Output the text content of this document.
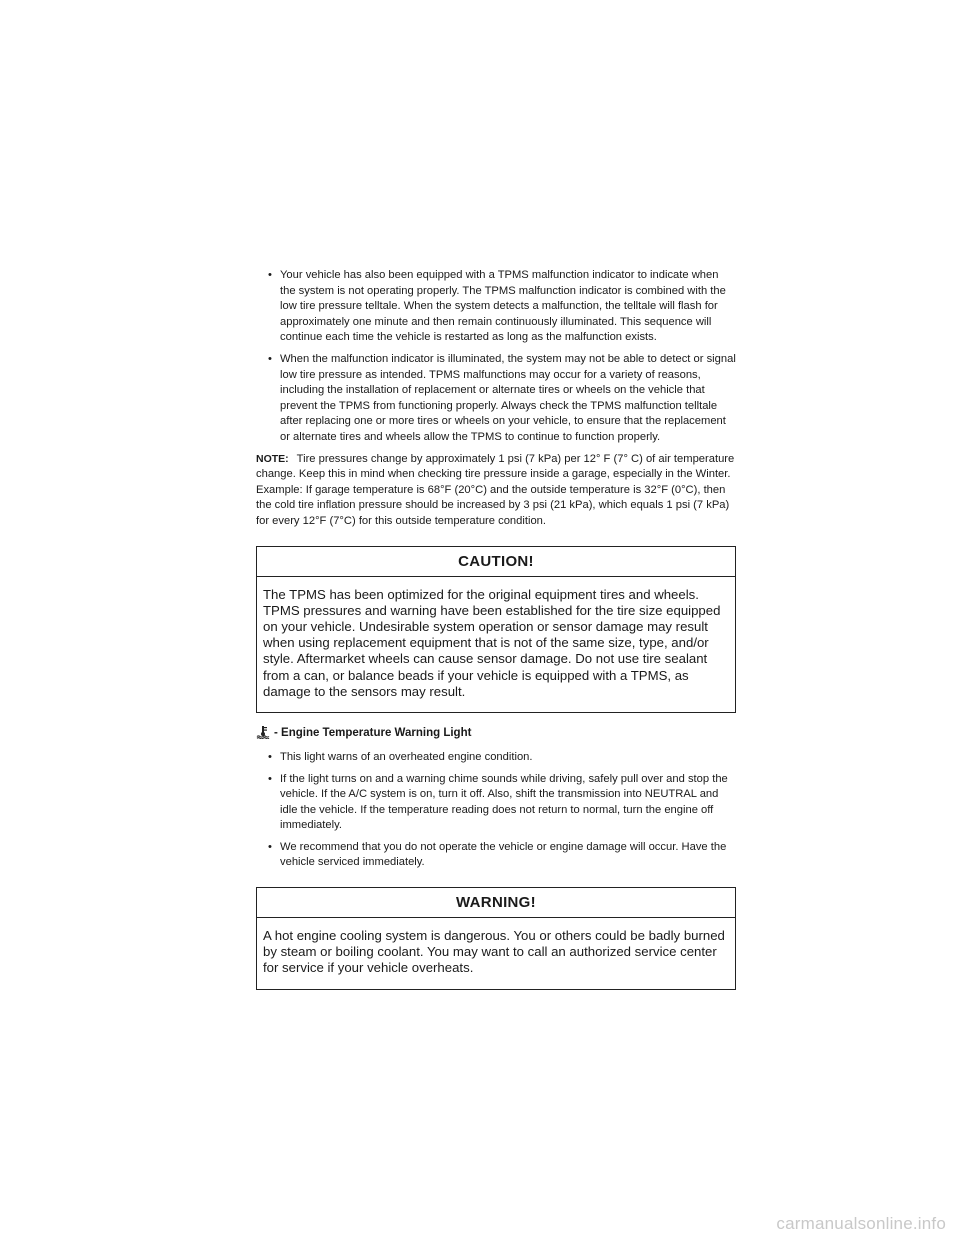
• Your vehicle has also been equipped with a TPMS malfunction indicator to indicate when the system is not operating properly. The TPMS malfunction indicator is combined with the low tire pressure telltale. When the system detects a malfunction, the telltale will flash for approximately one minute and then remain continuously illuminated. This sequence will continue each time the vehicle is restarted as long as the malfunction exists.
• When the malfunction indicator is illuminated, the system may not be able to detect or signal low tire pressure as intended. TPMS malfunctions may occur for a variety of reasons, including the installation of replacement or alternate tires or wheels on the vehicle that prevent the TPMS from functioning properly. Always check the TPMS malfunction telltale after replacing one or more tires or wheels on your vehicle, to ensure that the replacement or alternate tires and wheels allow the TPMS to continue to function properly.
NOTE: Tire pressures change by approximately 1 psi (7 kPa) per 12° F (7° C) of air temperature change. Keep this in mind when checking tire pressure inside a garage, especially in the Winter. Example: If garage temperature is 68°F (20°C) and the outside temperature is 32°F (0°C), then the cold tire inflation pressure should be increased by 3 psi (21 kPa), which equals 1 psi (7 kPa) for every 12°F (7°C) for this outside temperature condition.
CAUTION!
The TPMS has been optimized for the original equipment tires and wheels. TPMS pressures and warning have been established for the tire size equipped on your vehicle. Undesirable system operation or sensor damage may result when using replacement equipment that is not of the same size, type, and/or style. Aftermarket wheels can cause sensor damage. Do not use tire sealant from a can, or balance beads if your vehicle is equipped with a TPMS, as damage to the sensors may result.
- Engine Temperature Warning Light
• This light warns of an overheated engine condition.
• If the light turns on and a warning chime sounds while driving, safely pull over and stop the vehicle. If the A/C system is on, turn it off. Also, shift the transmission into NEUTRAL and idle the vehicle. If the temperature reading does not return to normal, turn the engine off immediately.
• We recommend that you do not operate the vehicle or engine damage will occur. Have the vehicle serviced immediately.
WARNING!
A hot engine cooling system is dangerous. You or others could be badly burned by steam or boiling coolant. You may want to call an authorized service center for service if your vehicle overheats.
carmanualsonline.info
